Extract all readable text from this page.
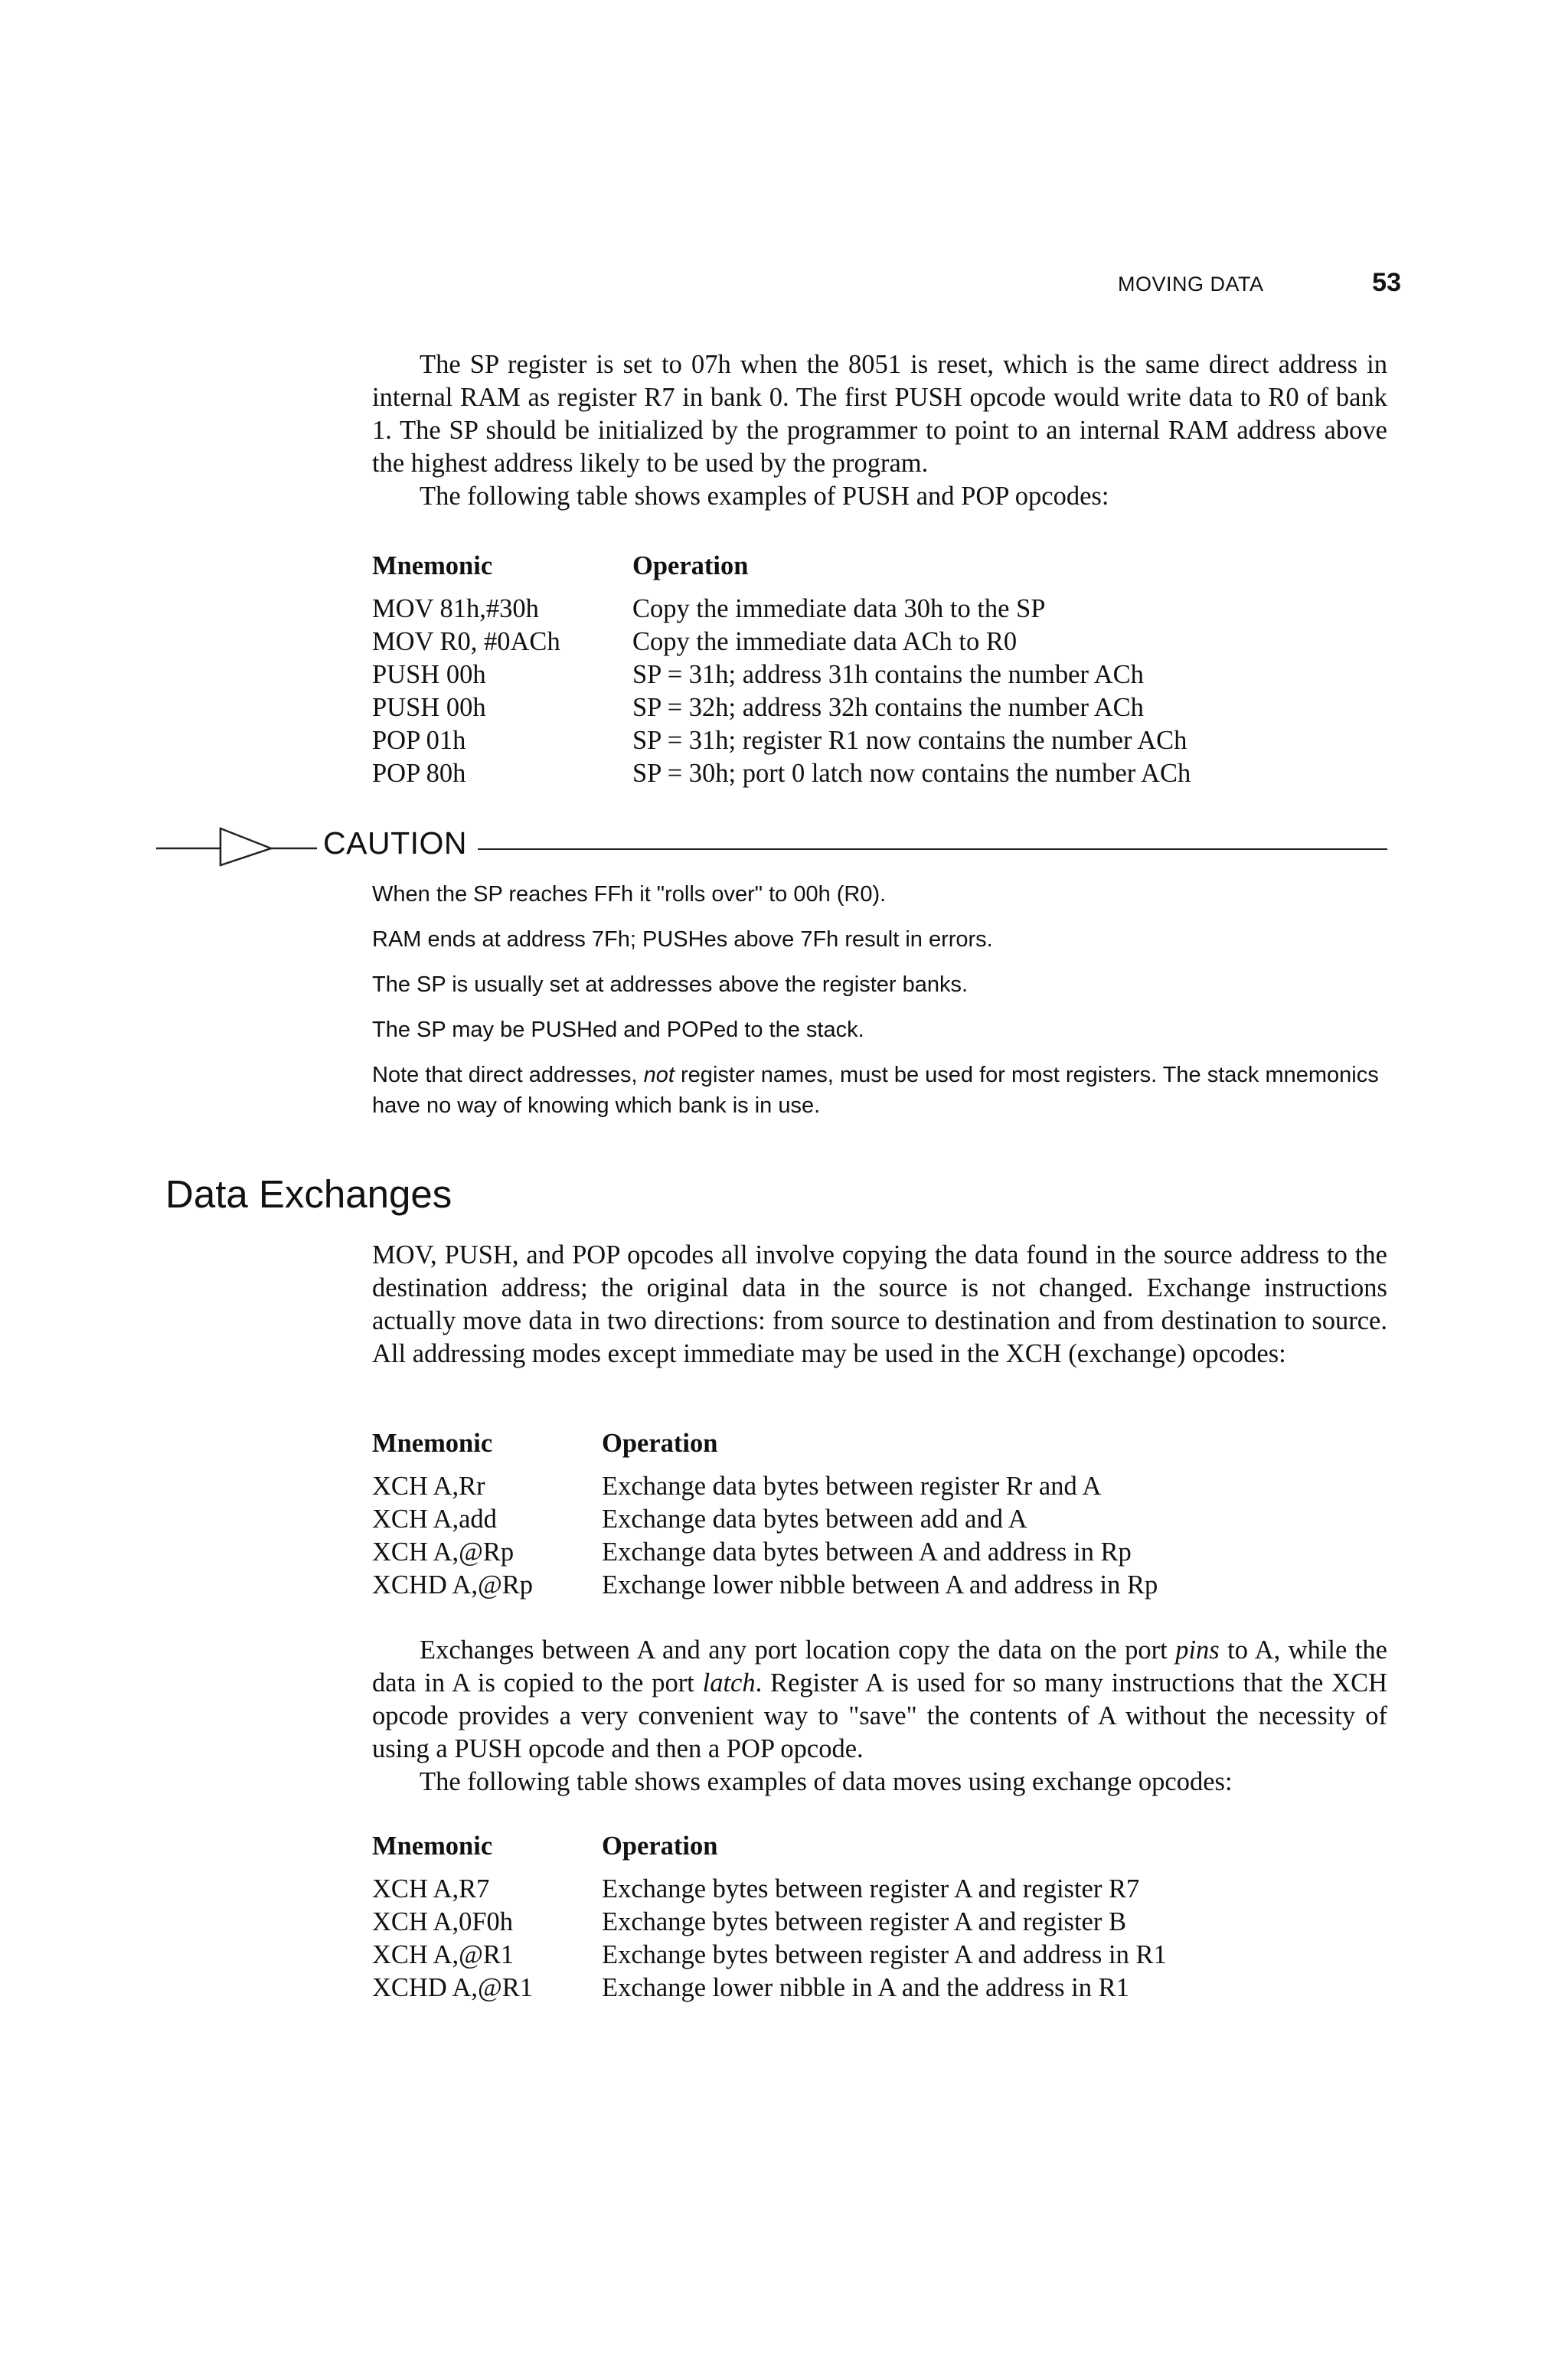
MOVING DATA	53

The SP register is set to 07h when the 8051 is reset, which is the same direct address in internal RAM as register R7 in bank 0. The first PUSH opcode would write data to R0 of bank 1. The SP should be initialized by the programmer to point to an internal RAM address above the highest address likely to be used by the program.

The following table shows examples of PUSH and POP opcodes:

Mnemonic	Operation
MOV 81h,#30h	Copy the immediate data 30h to the SP
MOV R0, #0ACh	Copy the immediate data ACh to R0
PUSH 00h	SP = 31h; address 31h contains the number ACh
PUSH 00h	SP = 32h; address 32h contains the number ACh
POP 01h	SP = 31h; register R1 now contains the number ACh
POP 80h	SP = 30h; port 0 latch now contains the number ACh
CAUTION

When the SP reaches FFh it "rolls over" to 00h (R0).

RAM ends at address 7Fh; PUSHes above 7Fh result in errors.

The SP is usually set at addresses above the register banks.

The SP may be PUSHed and POPed to the stack.

Note that direct addresses, not register names, must be used for most registers. The stack mnemonics have no way of knowing which bank is in use.

Data Exchanges

MOV, PUSH, and POP opcodes all involve copying the data found in the source address to the destination address; the original data in the source is not changed. Exchange instructions actually move data in two directions: from source to destination and from destination to source. All addressing modes except immediate may be used in the XCH (exchange) opcodes:

Mnemonic	Operation
XCH A,Rr	Exchange data bytes between register Rr and A
XCH A,add	Exchange data bytes between add and A
XCH A,@Rp	Exchange data bytes between A and address in Rp
XCHD A,@Rp	Exchange lower nibble between A and address in Rp

Exchanges between A and any port location copy the data on the port pins to A, while the data in A is copied to the port latch. Register A is used for so many instructions that the XCH opcode provides a very convenient way to "save" the contents of A without the necessity of using a PUSH opcode and then a POP opcode.

The following table shows examples of data moves using exchange opcodes:

Mnemonic	Operation
XCH A,R7	Exchange bytes between register A and register R7
XCH A,0F0h	Exchange bytes between register A and register B
XCH A,@R1	Exchange bytes between register A and address in R1
XCHD A,@R1	Exchange lower nibble in A and the address in R1
